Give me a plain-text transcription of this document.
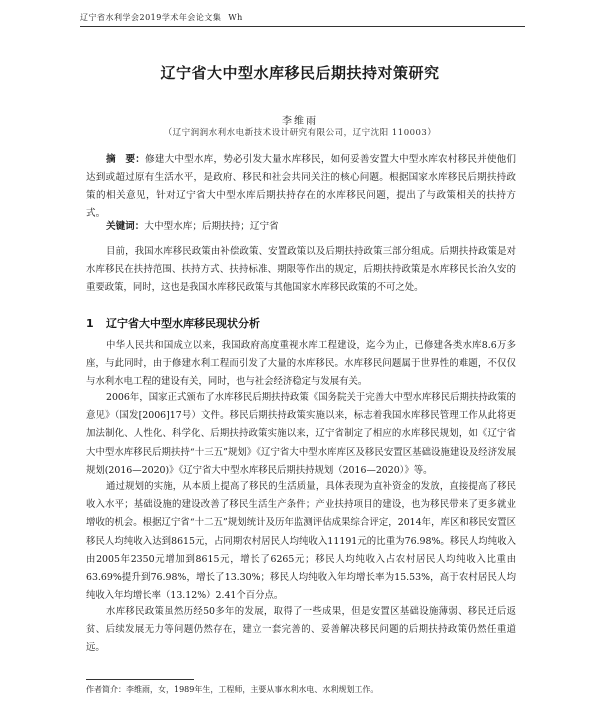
辽宁省水利学会2019学术年会论文集 Wh
辽宁省大中型水库移民后期扶持对策研究
李维雨
（辽宁润润水利水电新技术设计研究有限公司，辽宁沈阳 110003）
摘　要：修建大中型水库，势必引发大量水库移民，如何妥善安置大中型水库农村移民并使他们达到或超过原有生活水平，是政府、移民和社会共同关注的核心问题。根据国家水库移民后期扶持政策的相关意见，针对辽宁省大中型水库后期扶持存在的水库移民问题，提出了与政策相关的扶持方式。
关键词：大中型水库；后期扶持；辽宁省

目前，我国水库移民政策由补偿政策、安置政策以及后期扶持政策三部分组成。后期扶持政策是对水库移民在扶持范围、扶持方式、扶持标准、期限等作出的规定，后期扶持政策是水库移民长治久安的重要政策，同时，这也是我国水库移民政策与其他国家水库移民政策的不可之处。

1 辽宁省大中型水库移民现状分析

中华人民共和国成立以来，我国政府高度重视水库工程建设，迄今为止，已修建各类水库8.6万多座，与此同时，由于修建水利工程而引发了大量的水库移民。水库移民问题属于世界性的难题，不仅仅与水利水电工程的建设有关，同时，也与社会经济稳定与发展有关。

2006年，国家正式颁布了水库移民后期扶持政策《国务院关于完善大中型水库移民后期扶持政策的意见》（国发[2006]17号）文件。移民后期扶持政策实施以来，标志着我国水库移民管理工作从此将更加法制化、人性化、科学化、后期扶持政策实施以来，辽宁省制定了相应的水库移民规划，如《辽宁省大中型水库移民后期扶持“十三五”规划》《辽宁省大中型水库库区及移民安置区基础设施建设及经济发展规划(2016—2020)》《辽宁省大中型水库移民后期扶持规划（2016—2020）》等。

通过规划的实施，从本质上提高了移民的生活质量，具体表现为直补资金的发放，直接提高了移民收入水平；基础设施的建设改善了移民生活生产条件；产业扶持项目的建设，也为移民带来了更多就业增收的机会。根据辽宁省“十二五”规划统计及历年监测评估成果综合评定，2014年，库区和移民安置区移民人均纯收入达到8615元，占同期农村居民人均纯收入11191元的比重为76.98%。移民人均纯收入由2005年2350元增加到8615元，增长了6265元；移民人均纯收入占农村居民人均纯收入比重由63.69%提升到76.98%，增长了13.30%；移民人均纯收入年均增长率为15.53%，高于农村居民人均纯收入年均增长率（13.12%）2.41个百分点。

水库移民政策虽然历经50多年的发展，取得了一些成果，但是安置区基础设施薄弱、移民迁后返贫、后续发展无力等问题仍然存在，建立一套完善的、妥善解决移民问题的后期扶持政策仍然任重道远。

作者简介：李维雨，女，1989年生，工程师，主要从事水利水电、水利规划工作。
